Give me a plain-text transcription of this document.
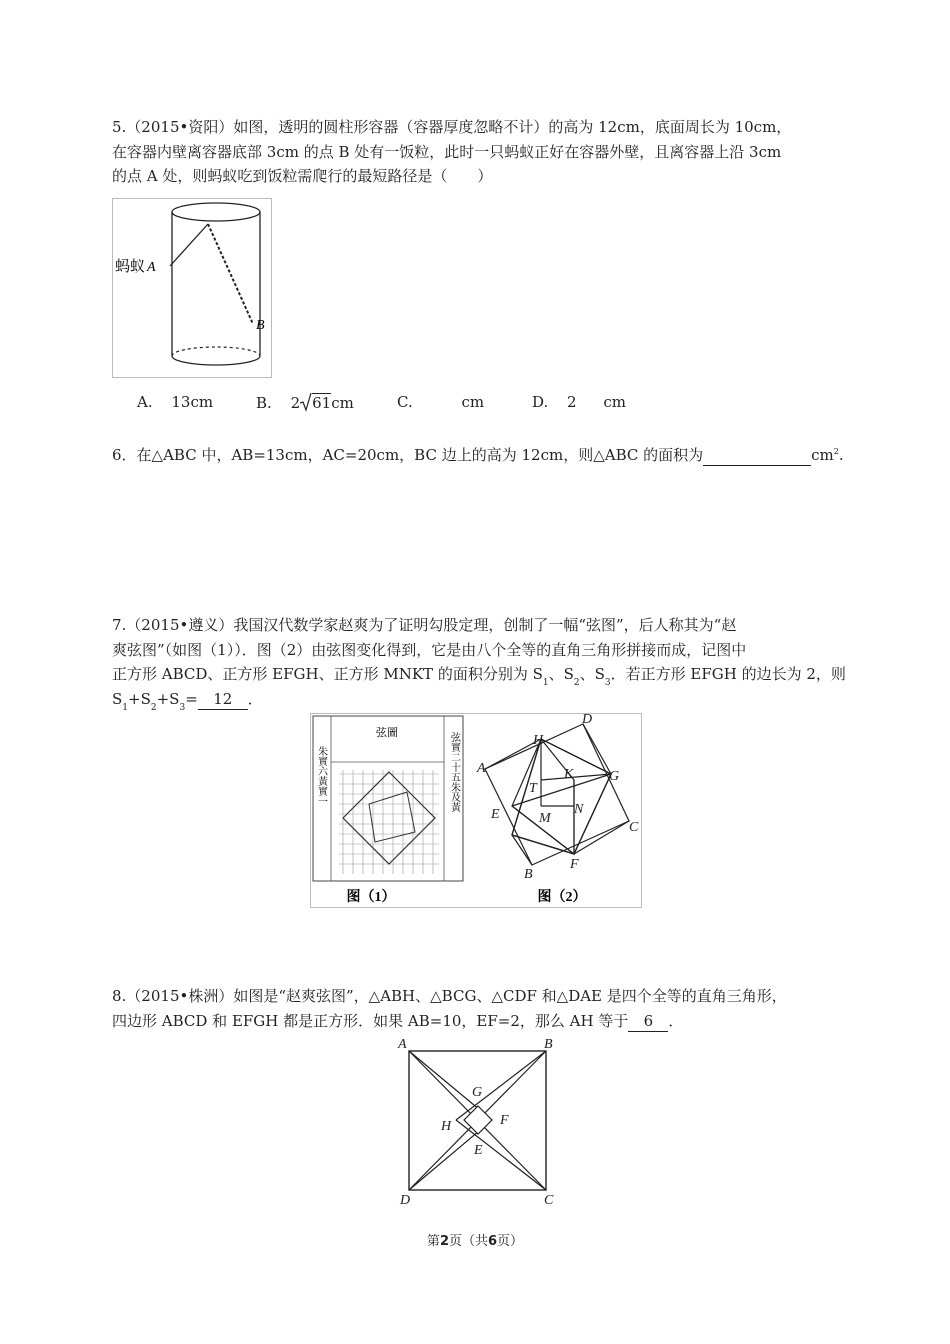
5.（2015•资阳）如图，透明的圆柱形容器（容器厚度忽略不计）的高为 12cm，底面周长为 10cm，
在容器内壁离容器底部 3cm 的点 B 处有一饭粒，此时一只蚂蚁正好在容器外壁，且离容器上沿 3cm
的点 A 处，则蚂蚁吃到饭粒需爬行的最短路径是（　　）
蚂蚁 A
B
A. 13cm	B. 2 61cm	C.	cm	D. 2 cm
6．在△ABC 中，AB=13cm，AC=20cm，BC 边上的高为 12cm，则△ABC 的面积为	$cm^2$.
7.（2015•遵义）我国汉代数学家赵爽为了证明勾股定理，创制了一幅“弦图”，后人称其为“赵
爽弦图”（如图（1））．图（2）由弦图变化得到，它是由八个全等的直角三角形拼接而成，记图中
正方形 ABCD、正方形 EFGH、正方形 MNKT 的面积分别为 $S_1$、$S_2$、$S_3$．若正方形 EFGH 的边长为 2，则
$S_1+S_2+S_3= 12$ ．
弦圖
朱實六黃實一	弦實二十五朱及黃
图（1）
A
B
C
D
E
F
G
H
T
K
M
N
图（2）
8.（2015•株洲）如图是“赵爽弦图”，△ABH、△BCG、△CDF 和△DAE 是四个全等的直角三角形，
四边形 ABCD 和 EFGH 都是正方形．如果 AB=10，EF=2，那么 AH 等于 6 ．
A	B
C
D
E
F
G
H
第2页（共6页）
